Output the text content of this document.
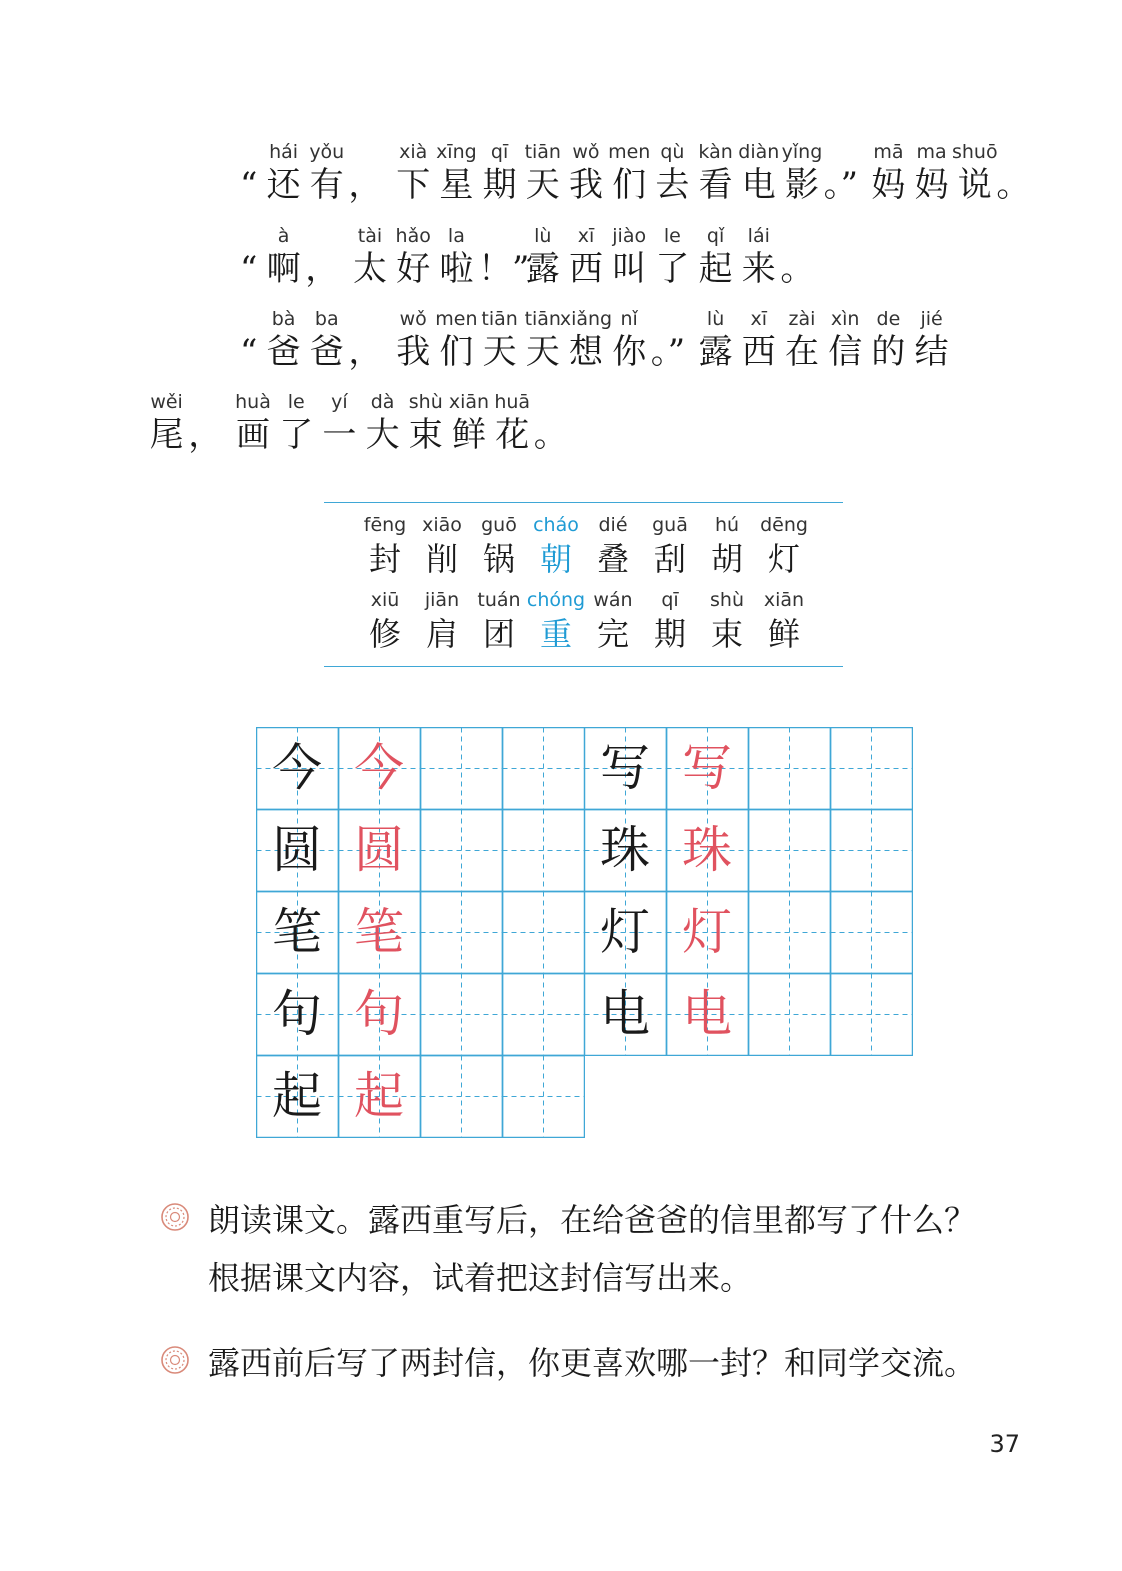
“
hái
还
yǒu
有 ，
xià
下
xīng
星
qī
期
tiān
天
wǒ
我
men
们
qù
去
kàn
看
diàn
电
yǐng
影 。”
mā
妈
ma
妈
shuō
说 。
“
à
啊 ，
tài
太
hǎo
好
la
啦 ！”
lù
露
xī
西
jiào
叫
le
了
qǐ
起
lái
来 。
“
bà
爸
ba
爸 ，
wǒ
我
men
们
tiān
天
tiān
天
xiǎng
想
nǐ
你 。”
lù
露
xī
西
zài
在
xìn
信
de
的
jié
结
wěi
尾 ，
huà
画
le
了
yí
一
dà
大
shù
束
xiān
鲜
huā
花 。
fēng
封
xiāo
削
guō
锅
cháo
朝
dié
叠
guā
刮
hú
胡
dēng
灯
xiū
修
jiān
肩
tuán
团
chóng
重
wán
完
qī
期
shù
束
xiān
鲜
今 今
圆 圆
笔 笔
句 句
起 起
写 写
珠 珠
灯 灯
电 电
朗读课文。露西重写后，在给爸爸的信里都写了什么？
根据课文内容，试着把这封信写出来。
露西前后写了两封信，你更喜欢哪一封？和同学交流。
37
